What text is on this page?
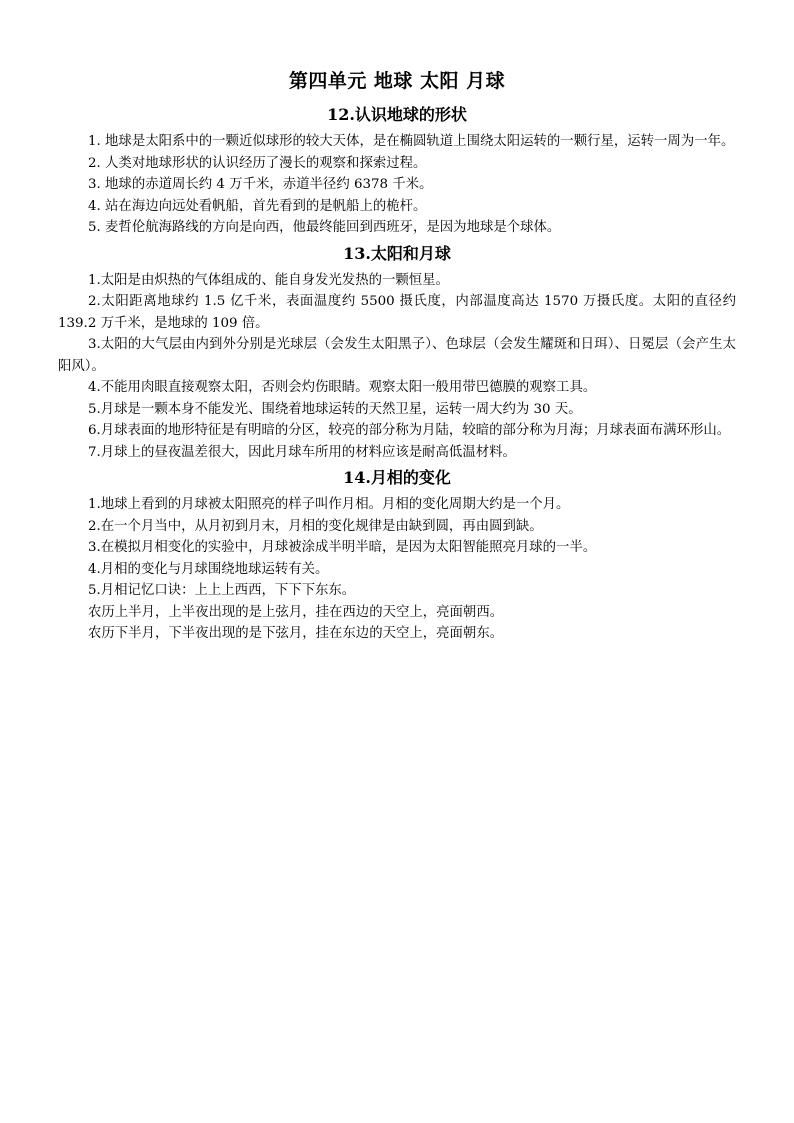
第四单元 地球 太阳 月球
12.认识地球的形状

1. 地球是太阳系中的一颗近似球形的较大天体，是在椭圆轨道上围绕太阳运转的一颗行星，运转一周为一年。

2. 人类对地球形状的认识经历了漫长的观察和探索过程。

3. 地球的赤道周长约 4 万千米，赤道半径约 6378 千米。

4. 站在海边向远处看帆船，首先看到的是帆船上的桅杆。

5. 麦哲伦航海路线的方向是向西，他最终能回到西班牙，是因为地球是个球体。

13.太阳和月球

1.太阳是由炽热的气体组成的、能自身发光发热的一颗恒星。

2.太阳距离地球约 1.5 亿千米，表面温度约 5500 摄氏度，内部温度高达 1570 万摄氏度。太阳的直径约 139.2 万千米，是地球的 109 倍。

3.太阳的大气层由内到外分别是光球层（会发生太阳黑子）、色球层（会发生耀斑和日珥）、日冕层（会产生太阳风）。

4.不能用肉眼直接观察太阳，否则会灼伤眼睛。观察太阳一般用带巴德膜的观察工具。

5.月球是一颗本身不能发光、围绕着地球运转的天然卫星，运转一周大约为 30 天。

6.月球表面的地形特征是有明暗的分区，较亮的部分称为月陆，较暗的部分称为月海；月球表面布满环形山。

7.月球上的昼夜温差很大，因此月球车所用的材料应该是耐高低温材料。

14.月相的变化

1.地球上看到的月球被太阳照亮的样子叫作月相。月相的变化周期大约是一个月。

2.在一个月当中，从月初到月末，月相的变化规律是由缺到圆，再由圆到缺。

3.在模拟月相变化的实验中，月球被涂成半明半暗，是因为太阳智能照亮月球的一半。

4.月相的变化与月球围绕地球运转有关。

5.月相记忆口诀：上上上西西，下下下东东。

农历上半月，上半夜出现的是上弦月，挂在西边的天空上，亮面朝西。

农历下半月，下半夜出现的是下弦月，挂在东边的天空上，亮面朝东。
